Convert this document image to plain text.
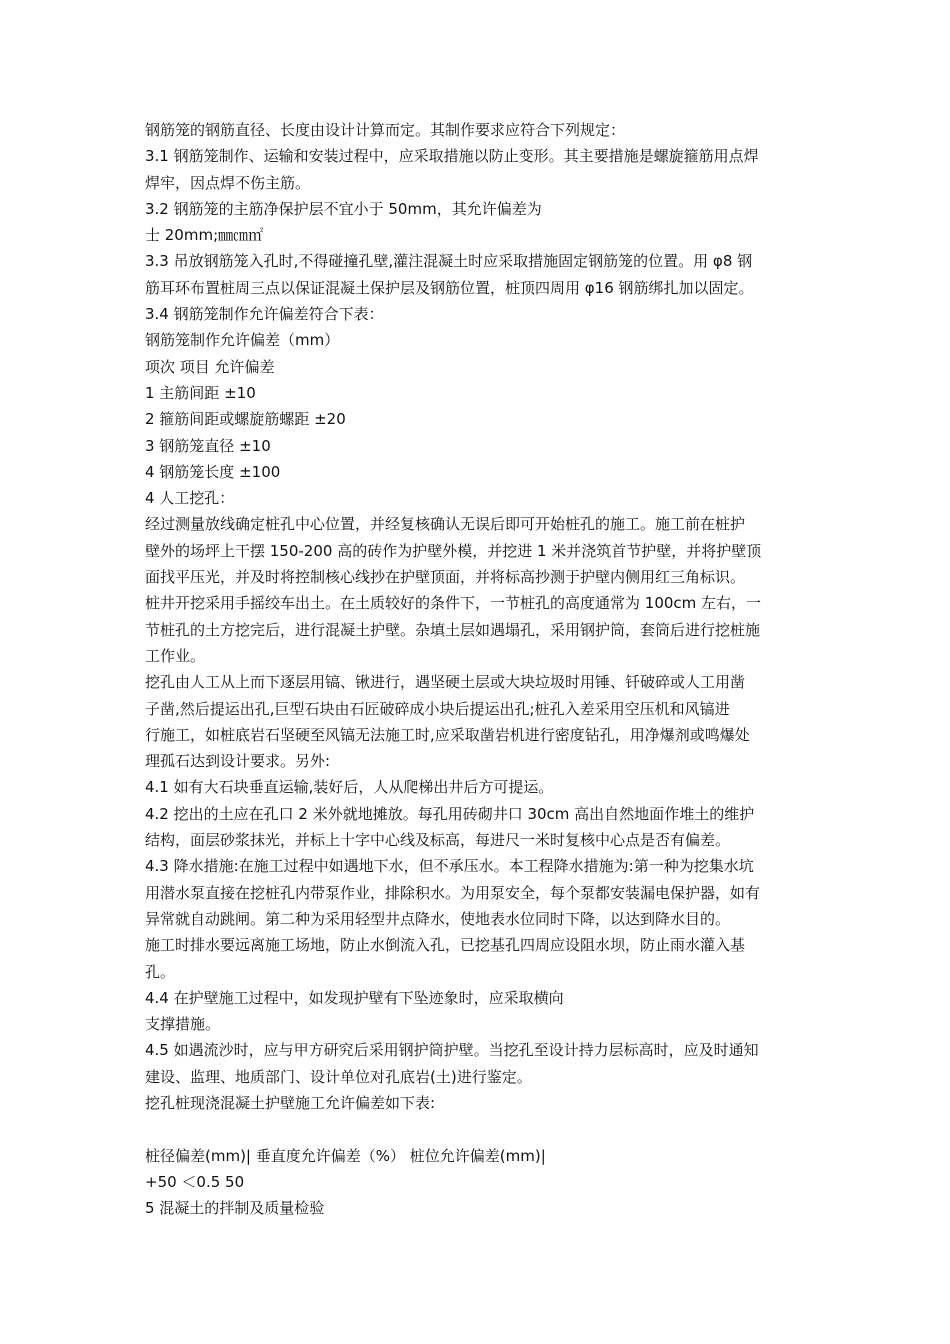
钢筋笼的钢筋直径、长度由设计计算而定。其制作要求应符合下列规定：

3.1 钢筋笼制作、运输和安装过程中，应采取措施以防止变形。其主要措施是螺旋箍筋用点焊

焊牢，因点焊不伤主筋。

3.2 钢筋笼的主筋净保护层不宜小于 50mm，其允许偏差为

士 20mm;㎜㎝㎡

3.3 吊放钢筋笼入孔时,不得碰撞孔壁,灌注混凝土时应采取措施固定钢筋笼的位置。用 φ8 钢

筋耳环布置桩周三点以保证混凝土保护层及钢筋位置，桩顶四周用 φ16 钢筋绑扎加以固定。

3.4 钢筋笼制作允许偏差符合下表：

钢筋笼制作允许偏差（mm）

项次 项目 允许偏差

1 主筋间距 ±10

2 箍筋间距或螺旋筋螺距 ±20

3 钢筋笼直径 ±10

4 钢筋笼长度 ±100

4 人工挖孔：

经过测量放线确定桩孔中心位置，并经复核确认无误后即可开始桩孔的施工。施工前在桩护

壁外的场坪上干摆 150-200 高的砖作为护壁外模，并挖进 1 米并浇筑首节护壁，并将护壁顶

面找平压光，并及时将控制核心线抄在护壁顶面，并将标高抄测于护壁内侧用红三角标识。

桩井开挖采用手摇绞车出土。在土质较好的条件下，一节桩孔的高度通常为 100cm 左右，一

节桩孔的土方挖完后，进行混凝土护壁。杂填土层如遇塌孔，采用钢护筒，套筒后进行挖桩施

工作业。

挖孔由人工从上而下逐层用镐、锹进行，遇坚硬土层或大块垃圾时用锤、钎破碎或人工用凿

子凿,然后提运出孔,巨型石块由石匠破碎成小块后提运出孔;桩孔入差采用空压机和风镐进

行施工，如桩底岩石坚硬至风镐无法施工时,应采取凿岩机进行密度钻孔，用净爆剂或鸣爆处

理孤石达到设计要求。另外:

4.1 如有大石块垂直运输,装好后，人从爬梯出井后方可提运。

4.2 挖出的土应在孔口 2 米外就地摊放。每孔用砖砌井口 30cm 高出自然地面作堆土的维护

结构，面层砂浆抹光，并标上十字中心线及标高，每进尺一米时复核中心点是否有偏差。

4.3 降水措施:在施工过程中如遇地下水，但不承压水。本工程降水措施为:第一种为挖集水坑

用潜水泵直接在挖桩孔内带泵作业，排除积水。为用泵安全，每个泵都安装漏电保护器，如有

异常就自动跳闸。第二种为采用轻型井点降水，使地表水位同时下降，以达到降水目的。

施工时排水要远离施工场地，防止水倒流入孔，已挖基孔四周应设阻水坝，防止雨水灌入基

孔。

4.4 在护壁施工过程中，如发现护壁有下坠迹象时，应采取横向

支撑措施。

4.5 如遇流沙时，应与甲方研究后采用钢护筒护壁。当挖孔至设计持力层标高时，应及时通知

建设、监理、地质部门、设计单位对孔底岩(土)进行鉴定。

挖孔桩现浇混凝土护壁施工允许偏差如下表:

桩径偏差(mm)| 垂直度允许偏差（%） 桩位允许偏差(mm)|

+50 ＜0.5 50

5 混凝土的拌制及质量检验
